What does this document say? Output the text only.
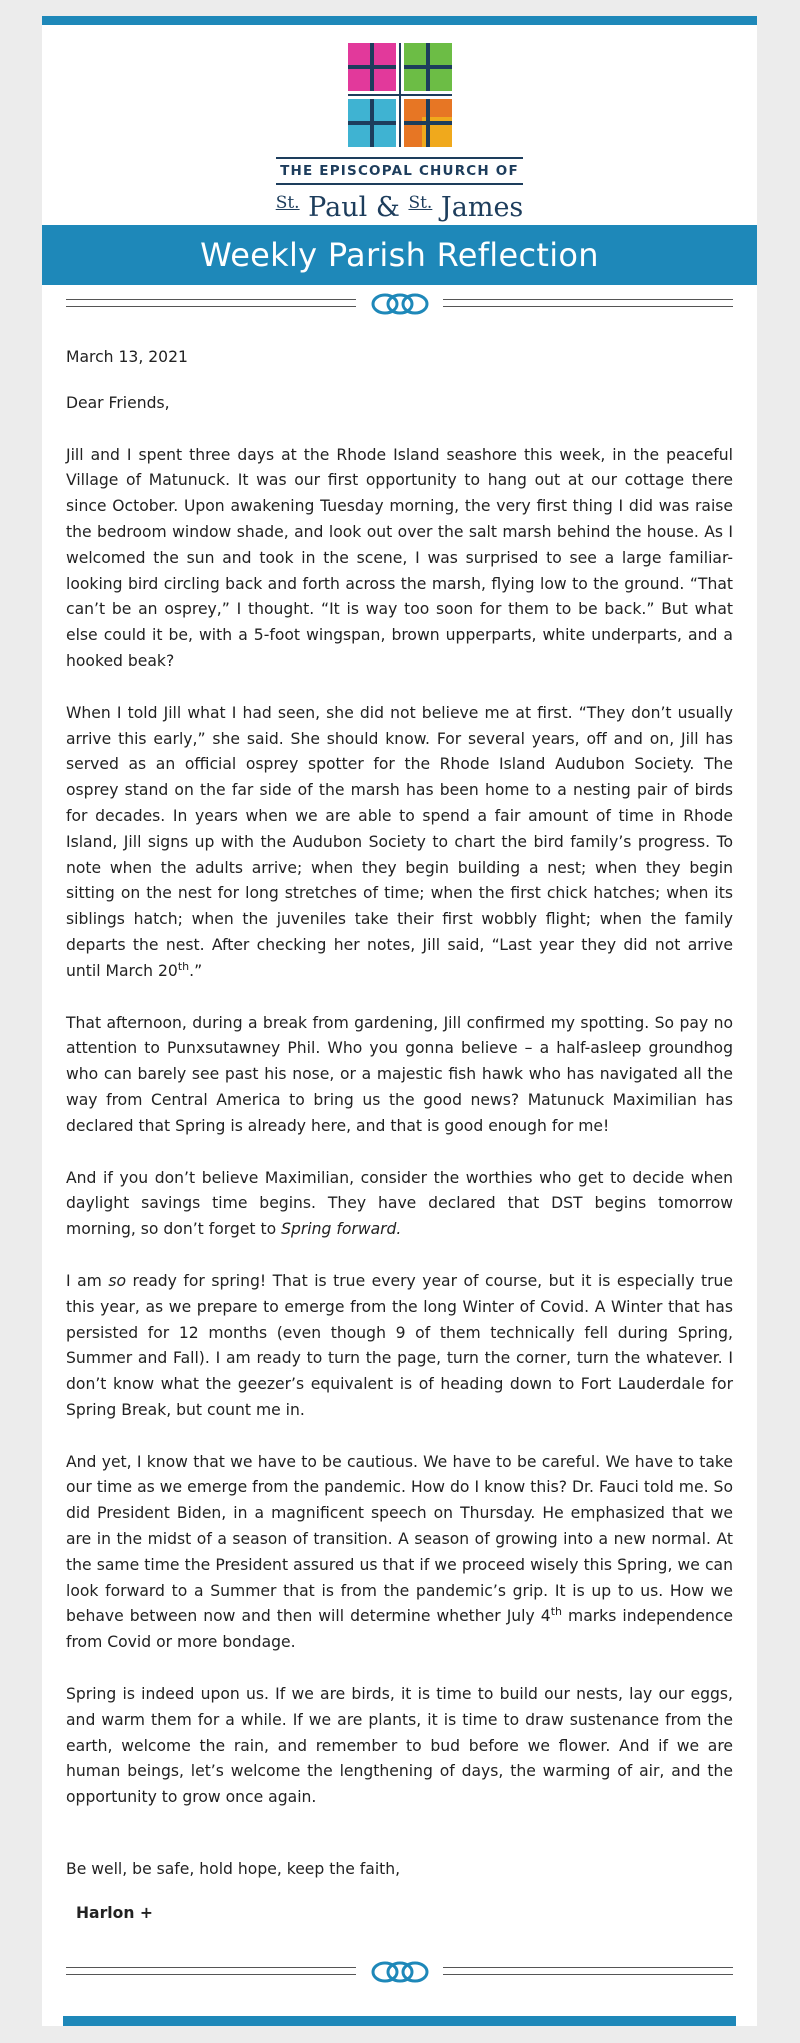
THE EPISCOPAL CHURCH OF
$^{St.}$ Paul & $^{St.}$ James
Weekly Parish Reflection

March 13, 2021

Dear Friends,

Jill and I spent three days at the Rhode Island seashore this week, in the peaceful Village of Matunuck. It was our first opportunity to hang out at our cottage there since October. Upon awakening Tuesday morning, the very first thing I did was raise the bedroom window shade, and look out over the salt marsh behind the house. As I welcomed the sun and took in the scene, I was surprised to see a large familiar-looking bird circling back and forth across the marsh, flying low to the ground. “That can’t be an osprey,” I thought. “It is way too soon for them to be back.” But what else could it be, with a 5-foot wingspan, brown upperparts, white underparts, and a hooked beak?

When I told Jill what I had seen, she did not believe me at first. “They don’t usually arrive this early,” she said. She should know. For several years, off and on, Jill has served as an official osprey spotter for the Rhode Island Audubon Society. The osprey stand on the far side of the marsh has been home to a nesting pair of birds for decades. In years when we are able to spend a fair amount of time in Rhode Island, Jill signs up with the Audubon Society to chart the bird family’s progress. To note when the adults arrive; when they begin building a nest; when they begin sitting on the nest for long stretches of time; when the first chick hatches; when its siblings hatch; when the juveniles take their first wobbly flight; when the family departs the nest. After checking her notes, Jill said, “Last year they did not arrive until March 20th.”

That afternoon, during a break from gardening, Jill confirmed my spotting. So pay no attention to Punxsutawney Phil. Who you gonna believe – a half-asleep groundhog who can barely see past his nose, or a majestic fish hawk who has navigated all the way from Central America to bring us the good news? Matunuck Maximilian has declared that Spring is already here, and that is good enough for me!

And if you don’t believe Maximilian, consider the worthies who get to decide when daylight savings time begins. They have declared that DST begins tomorrow morning, so don’t forget to Spring forward.

I am so ready for spring! That is true every year of course, but it is especially true this year, as we prepare to emerge from the long Winter of Covid. A Winter that has persisted for 12 months (even though 9 of them technically fell during Spring, Summer and Fall). I am ready to turn the page, turn the corner, turn the whatever. I don’t know what the geezer’s equivalent is of heading down to Fort Lauderdale for Spring Break, but count me in.

And yet, I know that we have to be cautious. We have to be careful. We have to take our time as we emerge from the pandemic. How do I know this? Dr. Fauci told me. So did President Biden, in a magnificent speech on Thursday. He emphasized that we are in the midst of a season of transition. A season of growing into a new normal. At the same time the President assured us that if we proceed wisely this Spring, we can look forward to a Summer that is from the pandemic’s grip. It is up to us. How we behave between now and then will determine whether July 4th marks independence from Covid or more bondage.

Spring is indeed upon us. If we are birds, it is time to build our nests, lay our eggs, and warm them for a while. If we are plants, it is time to draw sustenance from the earth, welcome the rain, and remember to bud before we flower. And if we are human beings, let’s welcome the lengthening of days, the warming of air, and the opportunity to grow once again.

Be well, be safe, hold hope, keep the faith,

Harlon +
